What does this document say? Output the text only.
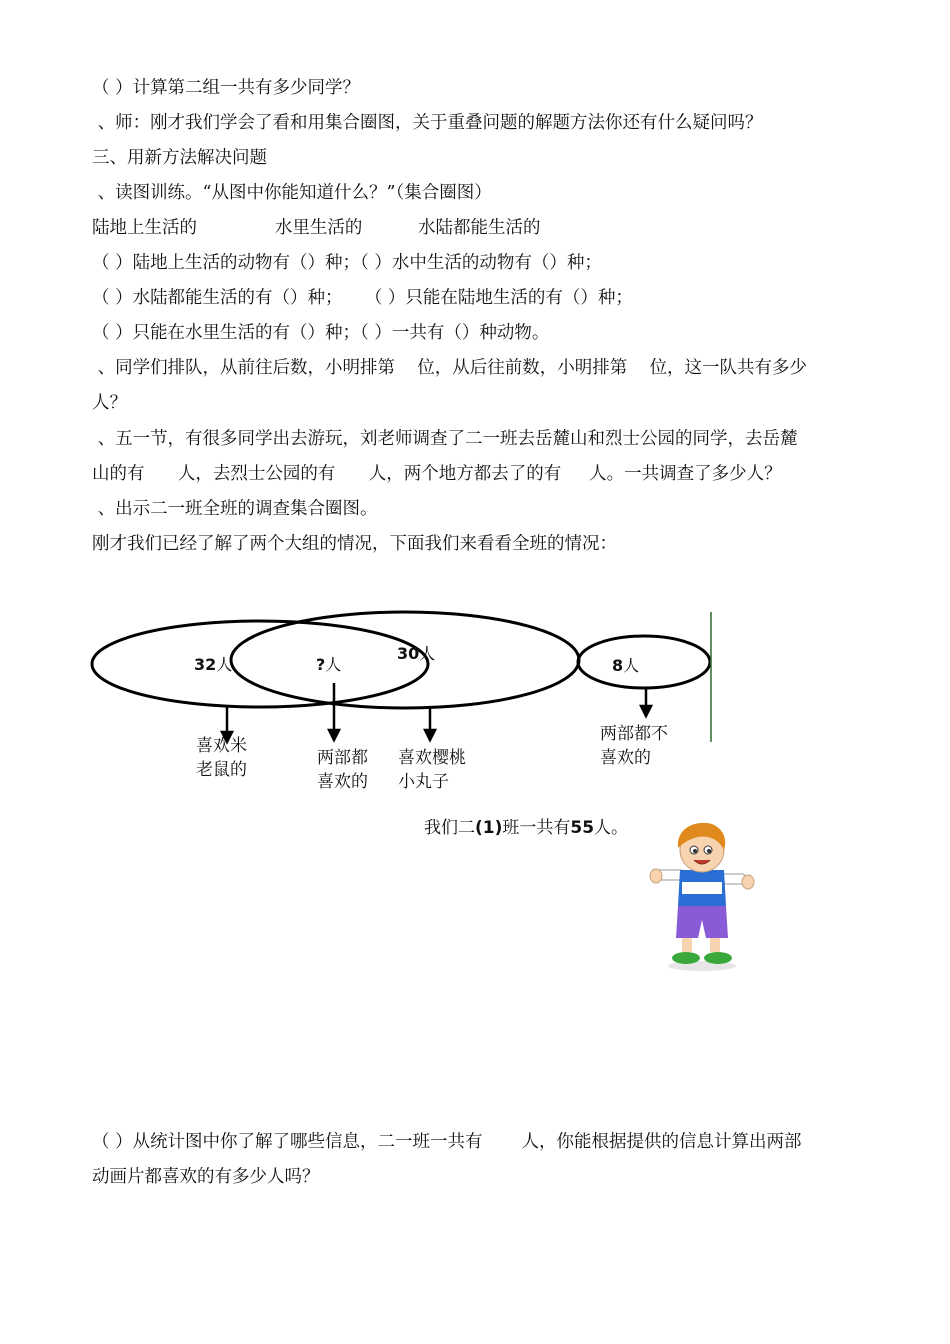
（ ）计算第二组一共有多少同学？
、师：刚才我们学会了看和用集合圈图，关于重叠问题的解题方法你还有什么疑问吗？
三、用新方法解决问题
、读图训练。“从图中你能知道什么？”（集合圈图）
陆地上生活的              水里生活的          水陆都能生活的
（ ）陆地上生活的动物有（）种；（ ）水中生活的动物有（）种；
（ ）水陆都能生活的有（）种；    （ ）只能在陆地生活的有（）种；
（ ）只能在水里生活的有（）种；（ ）一共有（）种动物。
、同学们排队，从前往后数，小明排第    位，从后往前数，小明排第    位，这一队共有多少
人？
、五一节，有很多同学出去游玩，刘老师调查了二一班去岳麓山和烈士公园的同学，去岳麓
山的有      人，去烈士公园的有      人，两个地方都去了的有     人。一共调查了多少人？
、出示二一班全班的调查集合圈图。
刚才我们已经了解了两个大组的情况，下面我们来看看全班的情况：
32人	?人
30人
8人
喜欢米
老鼠的
两部都
喜欢的
喜欢樱桃
小丸子
两部都不
喜欢的
我们二(1)班一共有55人。
（ ）从统计图中你了解了哪些信息，二一班一共有       人，你能根据提供的信息计算出两部
动画片都喜欢的有多少人吗？
